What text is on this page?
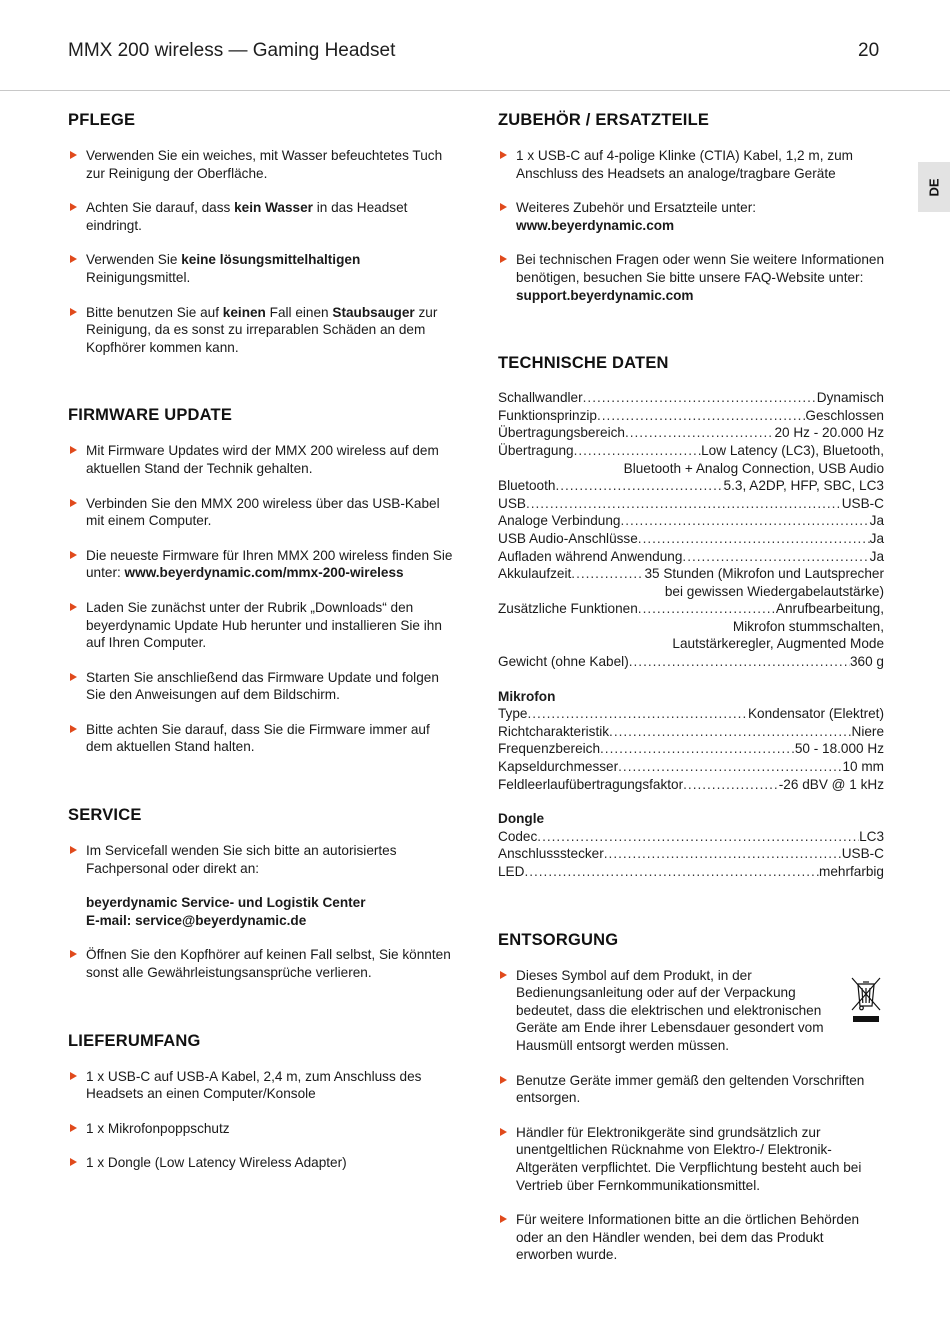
MMX 200 wireless — Gaming Headset	20
DE
PFLEGE
Verwenden Sie ein weiches, mit Wasser befeuchtetes Tuch zur Reinigung der Oberfläche.
Achten Sie darauf, dass kein Wasser in das Headset eindringt.
Verwenden Sie keine lösungsmittelhaltigen Reinigungsmittel.
Bitte benutzen Sie auf keinen Fall einen Staubsauger zur Reinigung, da es sonst zu irreparablen Schäden an dem Kopfhörer kommen kann.
FIRMWARE UPDATE
Mit Firmware Updates wird der MMX 200 wireless auf dem aktuellen Stand der Technik gehalten.
Verbinden Sie den MMX 200 wireless über das USB-Kabel mit einem Computer.
Die neueste Firmware für Ihren MMX 200 wireless finden Sie unter: www.beyerdynamic.com/mmx-200-wireless
Laden Sie zunächst unter der Rubrik „Downloads“ den beyerdynamic Update Hub herunter und installieren Sie ihn auf Ihren Computer.
Starten Sie anschließend das Firmware Update und folgen Sie den Anweisungen auf dem Bildschirm.
Bitte achten Sie darauf, dass Sie die Firmware immer auf dem aktuellen Stand halten.
SERVICE
Im Servicefall wenden Sie sich bitte an autorisiertes Fachpersonal oder direkt an:
beyerdynamic Service- und Logistik Center
E-mail: service@beyerdynamic.de
Öffnen Sie den Kopfhörer auf keinen Fall selbst, Sie könnten sonst alle Gewährleistungsansprüche verlieren.
LIEFERUMFANG
1 x USB-C auf USB-A Kabel, 2,4 m, zum Anschluss des Headsets an einen Computer/Konsole
1 x Mikrofonpoppschutz
1 x Dongle (Low Latency Wireless Adapter)
ZUBEHÖR / ERSATZTEILE
1 x USB-C auf 4-polige Klinke (CTIA) Kabel, 1,2 m, zum Anschluss des Headsets an analoge/tragbare Geräte
Weiteres Zubehör und Ersatzteile unter:
www.beyerdynamic.com
Bei technischen Fragen oder wenn Sie weitere Informationen benötigen, besuchen Sie bitte unsere FAQ-Website unter: support.beyerdynamic.com
TECHNISCHE DATEN
Schallwandler .....	Dynamisch
Funktionsprinzip .....	Geschlossen
Übertragungsbereich .....	20 Hz - 20.000 Hz
Übertragung .....	Low Latency (LC3), Bluetooth,
Bluetooth + Analog Connection, USB Audio
Bluetooth .....	5.3, A2DP, HFP, SBC, LC3
USB .....	USB-C
Analoge Verbindung .....	Ja
USB Audio-Anschlüsse .....	Ja
Aufladen während Anwendung .....	Ja
Akkulaufzeit .....	35 Stunden (Mikrofon und Lautsprecher
bei gewissen Wiedergabelautstärke)
Zusätzliche Funktionen .....	Anrufbearbeitung,
Mikrofon stummschalten,
Lautstärkeregler, Augmented Mode
Gewicht (ohne Kabel) .....	360 g
Mikrofon
Type .....	Kondensator (Elektret)
Richtcharakteristik .....	Niere
Frequenzbereich .....	50 - 18.000 Hz
Kapseldurchmesser .....	10 mm
Feldleerlaufübertragungsfaktor .....	-26 dBV @ 1 kHz
Dongle
Codec .....	LC3
Anschlussstecker .....	USB-C
LED .....	mehrfarbig
ENTSORGUNG
Dieses Symbol auf dem Produkt, in der Bedienungsanleitung oder auf der Verpackung bedeutet, dass die elektrischen und elektronischen Geräte am Ende ihrer Lebensdauer gesondert vom Hausmüll entsorgt werden müssen.
Benutze Geräte immer gemäß den geltenden Vorschriften entsorgen.
Händler für Elektronikgeräte sind grundsätzlich zur unentgeltlichen Rücknahme von Elektro-/ Elektronik-Altgeräten verpflichtet. Die Verpflichtung besteht auch bei Vertrieb über Fernkommunikationsmittel.
Für weitere Informationen bitte an die örtlichen Behörden oder an den Händler wenden, bei dem das Produkt erworben wurde.
